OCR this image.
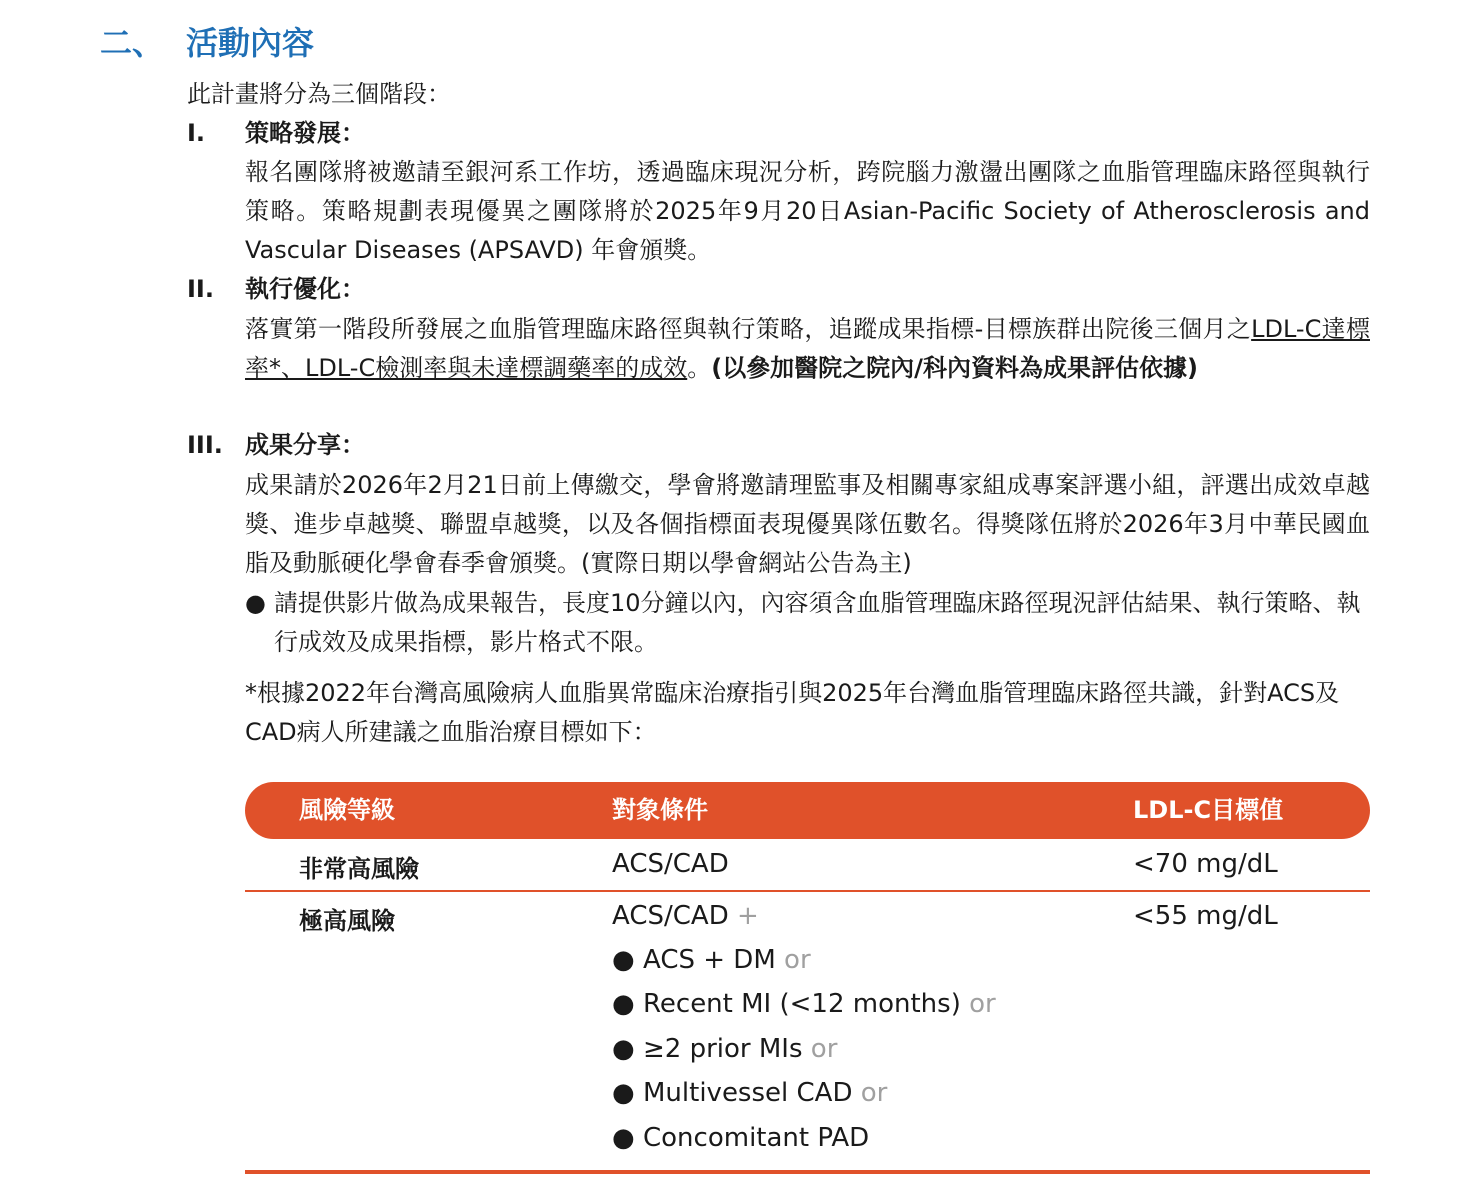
二、 活動內容
此計畫將分為三個階段：
I. 策略發展：
報名團隊將被邀請至銀河系工作坊，透過臨床現況分析，跨院腦力激盪出團隊之血脂管理臨床路徑與執行策略。策略規劃表現優異之團隊將於2025年9月20日Asian-Pacific Society of Atherosclerosis and Vascular Diseases (APSAVD) 年會頒獎。
II. 執行優化：
落實第一階段所發展之血脂管理臨床路徑與執行策略，追蹤成果指標-目標族群出院後三個月之LDL-C達標率*、LDL-C檢測率與未達標調藥率的成效。(以參加醫院之院內/科內資料為成果評估依據)
III. 成果分享：
成果請於2026年2月21日前上傳繳交，學會將邀請理監事及相關專家組成專案評選小組，評選出成效卓越獎、進步卓越獎、聯盟卓越獎，以及各個指標面表現優異隊伍數名。得獎隊伍將於2026年3月中華民國血脂及動脈硬化學會春季會頒獎。(實際日期以學會網站公告為主)
● 請提供影片做為成果報告，長度10分鐘以內，內容須含血脂管理臨床路徑現況評估結果、執行策略、執行成效及成果指標，影片格式不限。
*根據2022年台灣高風險病人血脂異常臨床治療指引與2025年台灣血脂管理臨床路徑共識，針對ACS及CAD病人所建議之血脂治療目標如下：
風險等級	對象條件	LDL-C目標值
非常高風險	ACS/CAD	<70 mg/dL
極高風險	ACS/CAD +	<55 mg/dL
● ACS + DM or
● Recent MI (<12 months) or
● ≥2 prior MIs or
● Multivessel CAD or
● Concomitant PAD
